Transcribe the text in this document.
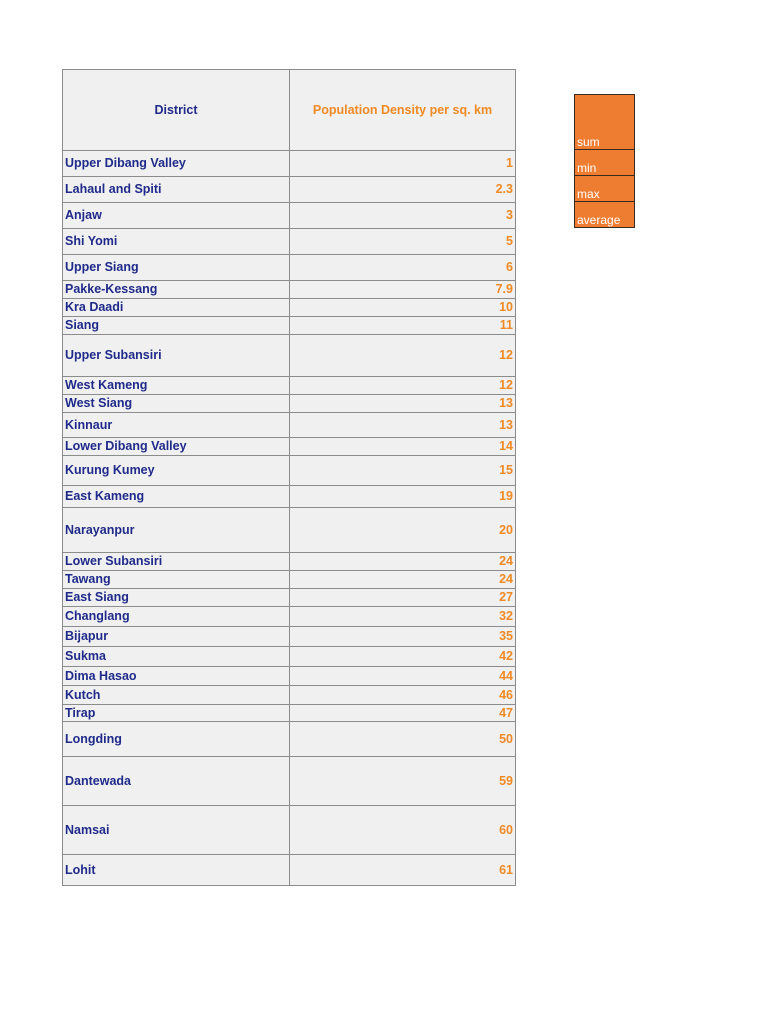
District	Population Density per sq. km
Upper Dibang Valley	1
Lahaul and Spiti	2.3
Anjaw	3
Shi Yomi	5
Upper Siang	6
Pakke-Kessang	7.9
Kra Daadi	10
Siang	11
Upper Subansiri	12
West Kameng	12
West Siang	13
Kinnaur	13
Lower Dibang Valley	14
Kurung Kumey	15
East Kameng	19
Narayanpur	20
Lower Subansiri	24
Tawang	24
East Siang	27
Changlang	32
Bijapur	35
Sukma	42
Dima Hasao	44
Kutch	46
Tirap	47
Longding	50
Dantewada	59
Namsai	60
Lohit	61
sum
min
max
average
